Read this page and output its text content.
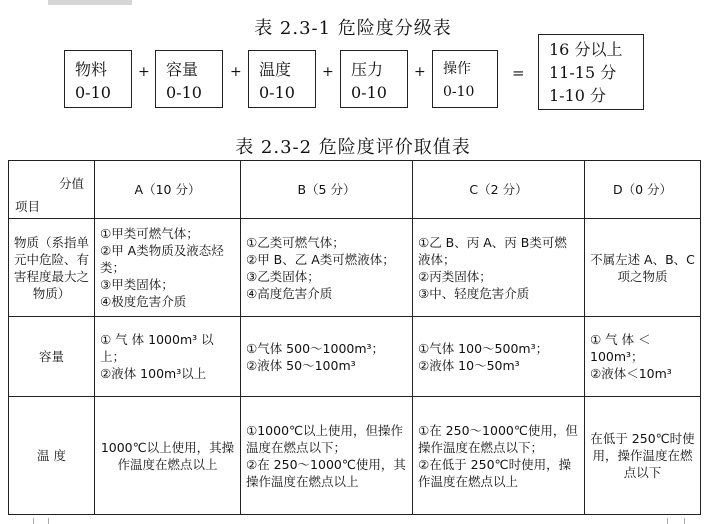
表 2.3-1 危险度分级表
物料
0-10
+ 容量
0-10
+ 温度
0-10
+ 压力
0-10
+ 操作
0-10
=
16 分以上
11-15 分
1-10 分
表 2.3-2 危险度评价取值表
分值
项目	A（10 分）	B（5 分）	C（2 分）	D（0 分）
物质（系指单元中危险、有害程度最大之物质）	①甲类可燃气体；
②甲 A类物质及液态烃类；
③甲类固体；
④极度危害介质	①乙类可燃气体；
②甲 B、乙 A类可燃液体；
③乙类固体；
④高度危害介质	①乙 B、丙 A、丙 B类可燃液体；
②丙类固体；
③中、轻度危害介质	不属左述 A、B、C 项之物质
容量	① 气 体 1000m³ 以上；
②液体 100m³以上	①气体 500～1000m³；
②液体 50～100m³	①气体 100～500m³；
②液体 10～50m³	① 气 体 ＜100m³；
②液体＜10m³

温 度	1000℃以上使用，其操作温度在燃点以上	①1000℃以上使用，但操作温度在燃点以下；
②在 250～1000℃使用，其操作温度在燃点以上	①在 250～1000℃使用，但操作温度在燃点以下；
②在低于 250℃时使用，操作温度在燃点以上	在低于 250℃时使用，操作温度在燃点以下
